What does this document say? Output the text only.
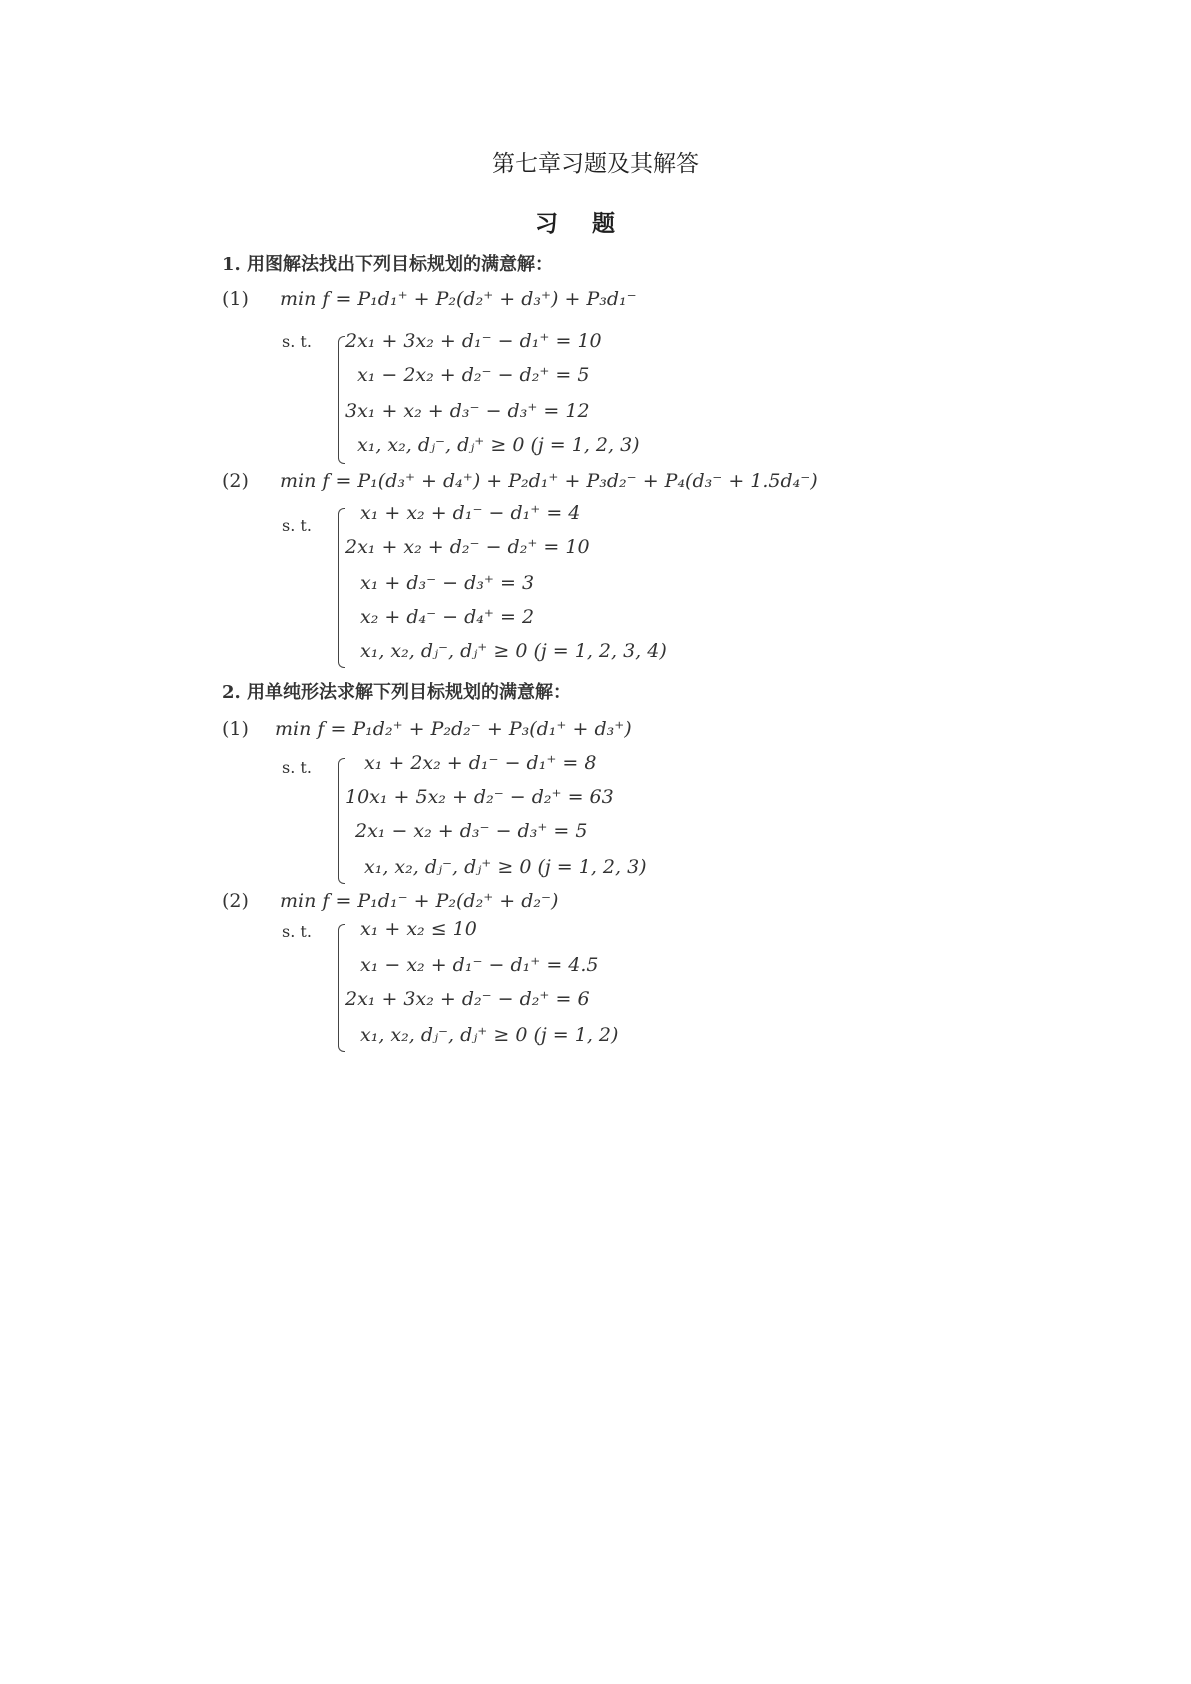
第七章习题及其解答
习题
1. 用图解法找出下列目标规划的满意解：
(1) min f = P₁d₁⁺ + P₂(d₂⁺ + d₃⁺) + P₃d₁⁻
s. t. 2x₁ + 3x₂ + d₁⁻ − d₁⁺ = 10
x₁ − 2x₂ + d₂⁻ − d₂⁺ = 5
3x₁ + x₂ + d₃⁻ − d₃⁺ = 12
x₁, x₂, dⱼ⁻, dⱼ⁺ ≥ 0 (j = 1, 2, 3)
(2) min f = P₁(d₃⁺ + d₄⁺) + P₂d₁⁺ + P₃d₂⁻ + P₄(d₃⁻ + 1.5d₄⁻)
s. t.
x₁ + x₂ + d₁⁻ − d₁⁺ = 4
2x₁ + x₂ + d₂⁻ − d₂⁺ = 10
x₁ + d₃⁻ − d₃⁺ = 3
x₂ + d₄⁻ − d₄⁺ = 2
x₁, x₂, dⱼ⁻, dⱼ⁺ ≥ 0 (j = 1, 2, 3, 4)
2. 用单纯形法求解下列目标规划的满意解：
(1) min f = P₁d₂⁺ + P₂d₂⁻ + P₃(d₁⁺ + d₃⁺)
s. t.	x₁ + 2x₂ + d₁⁻ − d₁⁺ = 8
10x₁ + 5x₂ + d₂⁻ − d₂⁺ = 63
2x₁ − x₂ + d₃⁻ − d₃⁺ = 5
x₁, x₂, dⱼ⁻, dⱼ⁺ ≥ 0 (j = 1, 2, 3)
(2) min f = P₁d₁⁻ + P₂(d₂⁺ + d₂⁻)
s. t.	x₁ + x₂ ≤ 10
x₁ − x₂ + d₁⁻ − d₁⁺ = 4.5
2x₁ + 3x₂ + d₂⁻ − d₂⁺ = 6
x₁, x₂, dⱼ⁻, dⱼ⁺ ≥ 0 (j = 1, 2)
